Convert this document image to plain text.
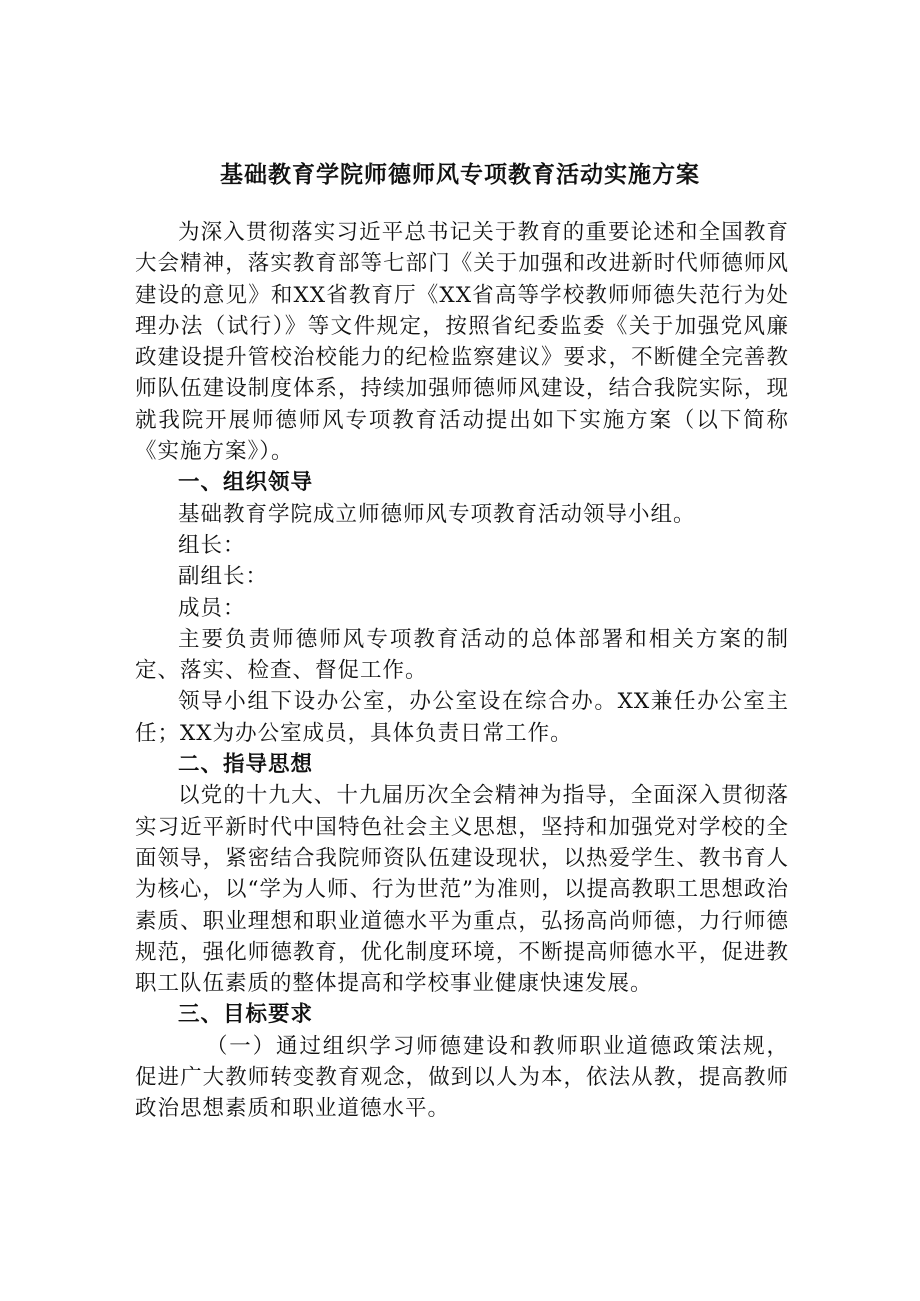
基础教育学院师德师风专项教育活动实施方案

为深入贯彻落实习近平总书记关于教育的重要论述和全国教育大会精神，落实教育部等七部门《关于加强和改进新时代师德师风建设的意见》和XX省教育厅《XX省高等学校教师师德失范行为处理办法（试行）》等文件规定，按照省纪委监委《关于加强党风廉政建设提升管校治校能力的纪检监察建议》要求，不断健全完善教师队伍建设制度体系，持续加强师德师风建设，结合我院实际，现就我院开展师德师风专项教育活动提出如下实施方案（以下简称《实施方案》）。

一、组织领导

基础教育学院成立师德师风专项教育活动领导小组。

组长：

副组长：

成员：

主要负责师德师风专项教育活动的总体部署和相关方案的制定、落实、检查、督促工作。

领导小组下设办公室，办公室设在综合办。XX兼任办公室主任；XX为办公室成员，具体负责日常工作。

二、指导思想

以党的十九大、十九届历次全会精神为指导，全面深入贯彻落实习近平新时代中国特色社会主义思想，坚持和加强党对学校的全面领导，紧密结合我院师资队伍建设现状，以热爱学生、教书育人为核心，以“学为人师、行为世范”为准则，以提高教职工思想政治素质、职业理想和职业道德水平为重点，弘扬高尚师德，力行师德规范，强化师德教育，优化制度环境，不断提高师德水平，促进教职工队伍素质的整体提高和学校事业健康快速发展。

三、目标要求

（一）通过组织学习师德建设和教师职业道德政策法规，促进广大教师转变教育观念，做到以人为本，依法从教，提高教师政治思想素质和职业道德水平。
